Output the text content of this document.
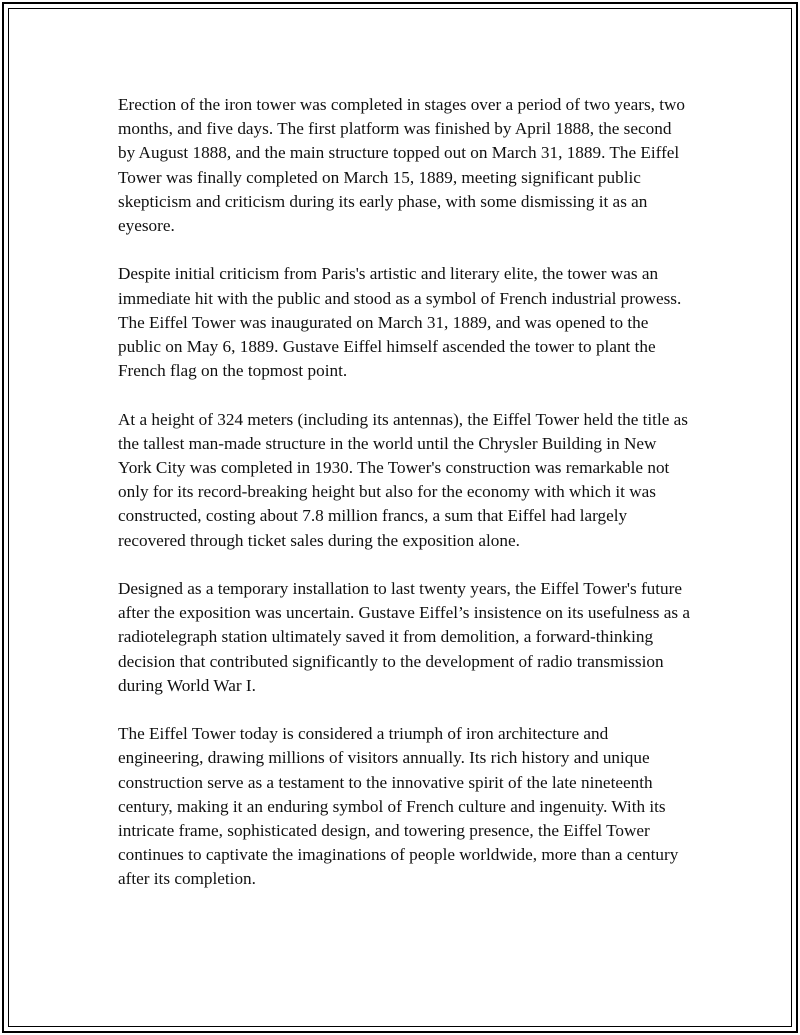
Erection of the iron tower was completed in stages over a period of two years, two months, and five days. The first platform was finished by April 1888, the second by August 1888, and the main structure topped out on March 31, 1889. The Eiffel Tower was finally completed on March 15, 1889, meeting significant public skepticism and criticism during its early phase, with some dismissing it as an eyesore.

Despite initial criticism from Paris's artistic and literary elite, the tower was an immediate hit with the public and stood as a symbol of French industrial prowess. The Eiffel Tower was inaugurated on March 31, 1889, and was opened to the public on May 6, 1889. Gustave Eiffel himself ascended the tower to plant the French flag on the topmost point.

At a height of 324 meters (including its antennas), the Eiffel Tower held the title as the tallest man-made structure in the world until the Chrysler Building in New York City was completed in 1930. The Tower's construction was remarkable not only for its record-breaking height but also for the economy with which it was constructed, costing about 7.8 million francs, a sum that Eiffel had largely recovered through ticket sales during the exposition alone.

Designed as a temporary installation to last twenty years, the Eiffel Tower's future after the exposition was uncertain. Gustave Eiffel’s insistence on its usefulness as a radiotelegraph station ultimately saved it from demolition, a forward-thinking decision that contributed significantly to the development of radio transmission during World War I.

The Eiffel Tower today is considered a triumph of iron architecture and engineering, drawing millions of visitors annually. Its rich history and unique construction serve as a testament to the innovative spirit of the late nineteenth century, making it an enduring symbol of French culture and ingenuity. With its intricate frame, sophisticated design, and towering presence, the Eiffel Tower continues to captivate the imaginations of people worldwide, more than a century after its completion.
